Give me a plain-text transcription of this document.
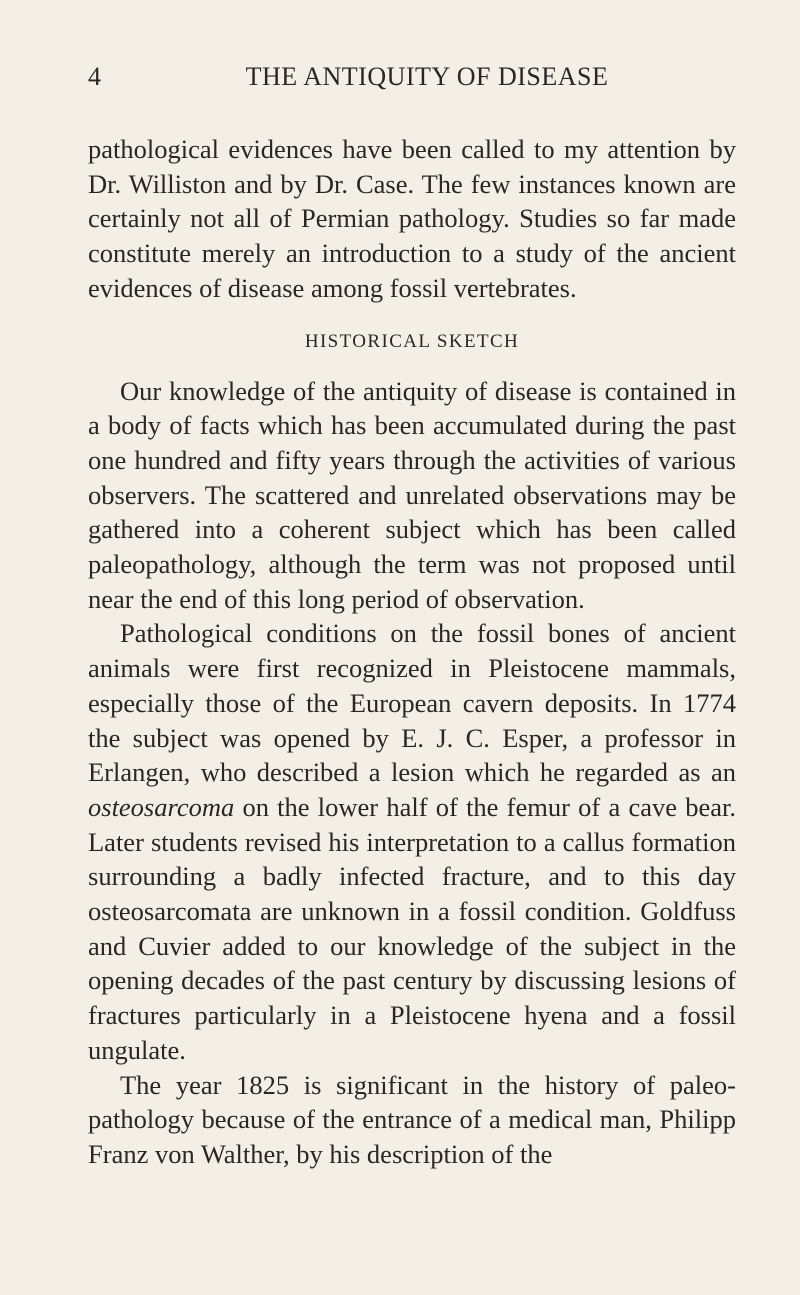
4	THE ANTIQUITY OF DISEASE

pathological evidences have been called to my attention by Dr. Williston and by Dr. Case. The few instances known are certainly not all of Permian pathology. Studies so far made constitute merely an introduction to a study of the ancient evidences of disease among fossil vertebrates.

HISTORICAL SKETCH

Our knowledge of the antiquity of disease is contained in a body of facts which has been accumulated during the past one hundred and fifty years through the activities of various observers. The scattered and unrelated observations may be gathered into a coherent subject which has been called paleopathology, although the term was not proposed until near the end of this long period of observation.

Pathological conditions on the fossil bones of ancient animals were first recognized in Pleistocene mammals, especially those of the European cavern deposits. In 1774 the subject was opened by E. J. C. Esper, a professor in Erlangen, who described a lesion which he regarded as an osteosarcoma on the lower half of the femur of a cave bear. Later students revised his interpretation to a callus formation surrounding a badly infected fracture, and to this day osteosarcomata are unknown in a fossil condition. Goldfuss and Cuvier added to our knowledge of the subject in the opening decades of the past century by discussing lesions of fractures particularly in a Pleistocene hyena and a fossil ungulate.

The year 1825 is significant in the history of paleopathology because of the entrance of a medical man, Philipp Franz von Walther, by his description of the
